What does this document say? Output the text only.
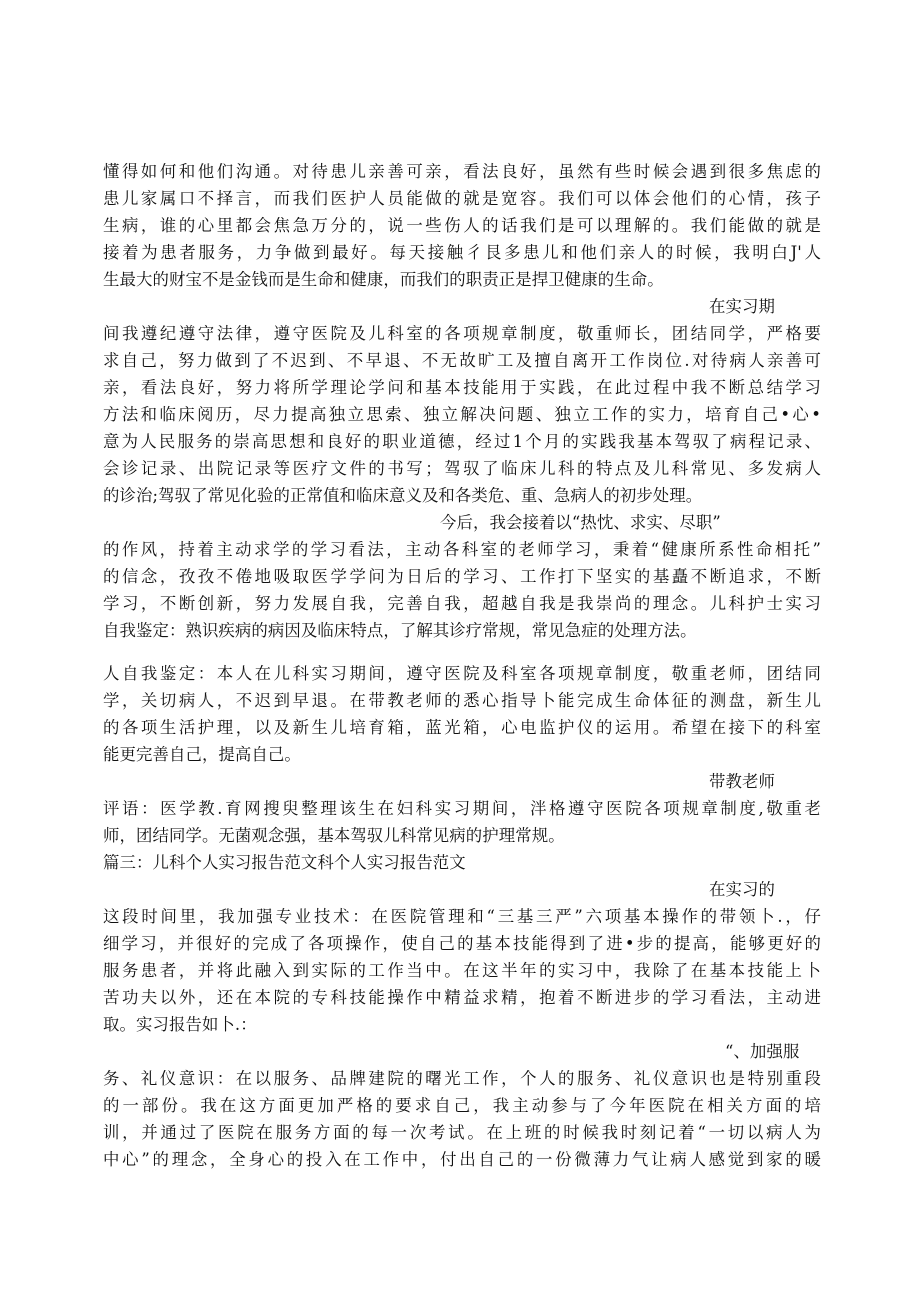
懂得如何和他们沟通。对待患儿亲善可亲，看法良好，虽然有些时候会遇到很多焦虑的
患儿家属口不择言，而我们医护人员能做的就是宽容。我们可以体会他们的心情，孩子
生病，谁的心里都会焦急万分的，说一些伤人的话我们是可以理解的。我们能做的就是
接着为患者服务，力争做到最好。每天接触彳艮多患儿和他们亲人的时候，我明白J'人
生最大的财宝不是金钱而是生命和健康，而我们的职责正是捍卫健康的生命。
在实习期
间我遵纪遵守法律，遵守医院及儿科室的各项规章制度，敬重师长，团结同学，严格要
求自己，努力做到了不迟到、不早退、不无故旷工及擅自离开工作岗位.对待病人亲善可
亲，看法良好，努力将所学理论学问和基本技能用于实践，在此过程中我不断总结学习
方法和临床阅历，尽力提高独立思索、独立解决问题、独立工作的实力，培育自己•心•
意为人民服务的崇高思想和良好的职业道德，经过1个月的实践我基本驾驭了病程记录、
会诊记录、出院记录等医疗文件的书写；驾驭了临床儿科的特点及儿科常见、多发病人
的诊治;驾驭了常见化验的正常值和临床意义及和各类危、重、急病人的初步处理。
今后，我会接着以“热忱、求实、尽职”
的作风，持着主动求学的学习看法，主动各科室的老师学习，秉着“健康所系性命相托”
的信念，孜孜不倦地吸取医学学问为日后的学习、工作打下坚实的基矗不断追求，不断
学习，不断创新，努力发展自我，完善自我，超越自我是我崇尚的理念。儿科护士实习
自我鉴定：熟识疾病的病因及临床特点，了解其诊疗常规，常见急症的处理方法。
人自我鉴定：本人在儿科实习期间，遵守医院及科室各项规章制度，敬重老师，团结同
学，关切病人，不迟到早退。在带教老师的悉心指导卜能完成生命体征的测盘，新生儿
的各项生活护理，以及新生儿培育箱，蓝光箱，心电监护仪的运用。希望在接下的科室
能更完善自己，提高自己。
带教老师
评语：医学教.育网搜臾整理该生在妇科实习期间，泮格遵守医院各项规章制度,敬重老
师，团结同学。无菌观念强，基本驾驭儿科常见病的护理常规。
篇三：儿科个人实习报告范文科个人实习报告范文
在实习的
这段时间里，我加强专业技术：在医院管理和“三基三严”六项基本操作的带领卜.，仔
细学习，并很好的完成了各项操作，使自己的基本技能得到了进•步的提高，能够更好的
服务患者，并将此融入到实际的工作当中。在这半年的实习中，我除了在基本技能上卜
苦功夫以外，还在本院的专科技能操作中精益求精，抱着不断进步的学习看法，主动进
取。实习报告如卜.：
“、加强服
务、礼仪意识：在以服务、品牌建院的曙光工作，个人的服务、礼仪意识也是特别重段
的一部份。我在这方面更加严格的要求自己，我主动参与了今年医院在相关方面的培
训，并通过了医院在服务方面的每一次考试。在上班的时候我时刻记着“一切以病人为
中心”的理念，全身心的投入在工作中，付出自己的一份微薄力气让病人感觉到家的暖
